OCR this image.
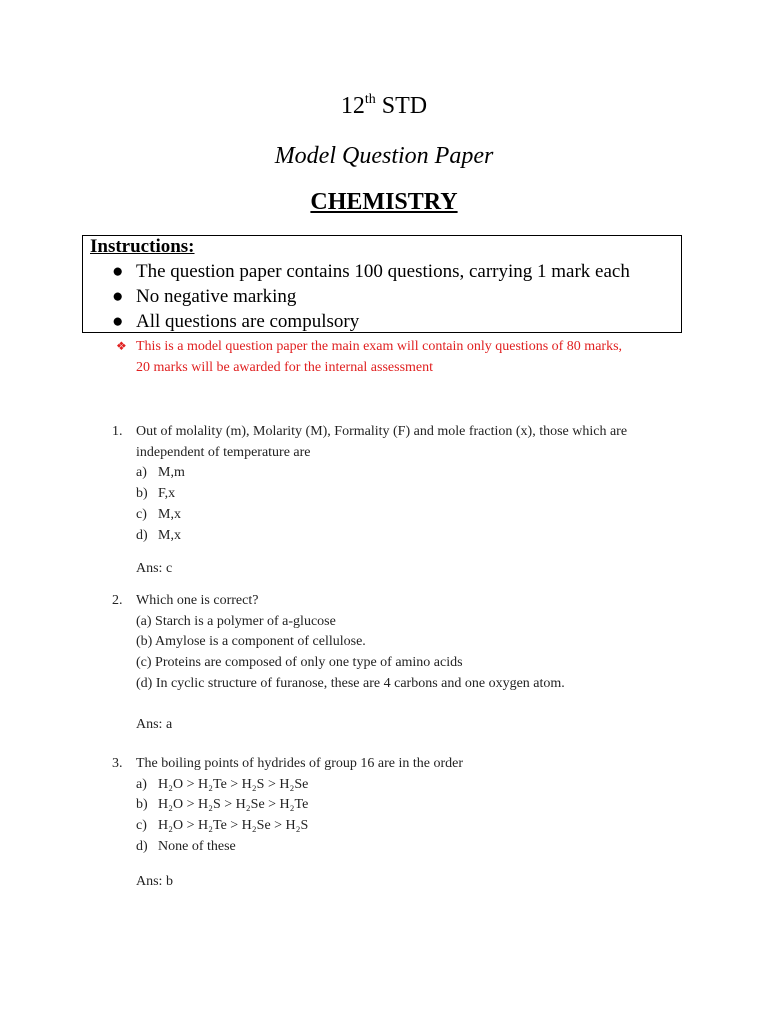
12th STD
Model Question Paper
CHEMISTRY
Instructions:
● The question paper contains 100 questions, carrying 1 mark each
● No negative marking
● All questions are compulsory
❖ This is a model question paper the main exam will contain only questions of 80 marks,
20 marks will be awarded for the internal assessment
1. Out of molality (m), Molarity (M), Formality (F) and mole fraction (x), those which are independent of temperature are
a) M,m
b) F,x
c) M,x
d) M,x
Ans: c
2. Which one is correct?
(a) Starch is a polymer of a-glucose
(b) Amylose is a component of cellulose.
(c) Proteins are composed of only one type of amino acids
(d) In cyclic structure of furanose, these are 4 carbons and one oxygen atom.
Ans: a
3. The boiling points of hydrides of group 16 are in the order
a) H₂O > H₂Te > H₂S > H₂Se
b) H₂O > H₂S > H₂Se > H₂Te
c) H₂O > H₂Te > H₂Se > H₂S
d) None of these
Ans: b
